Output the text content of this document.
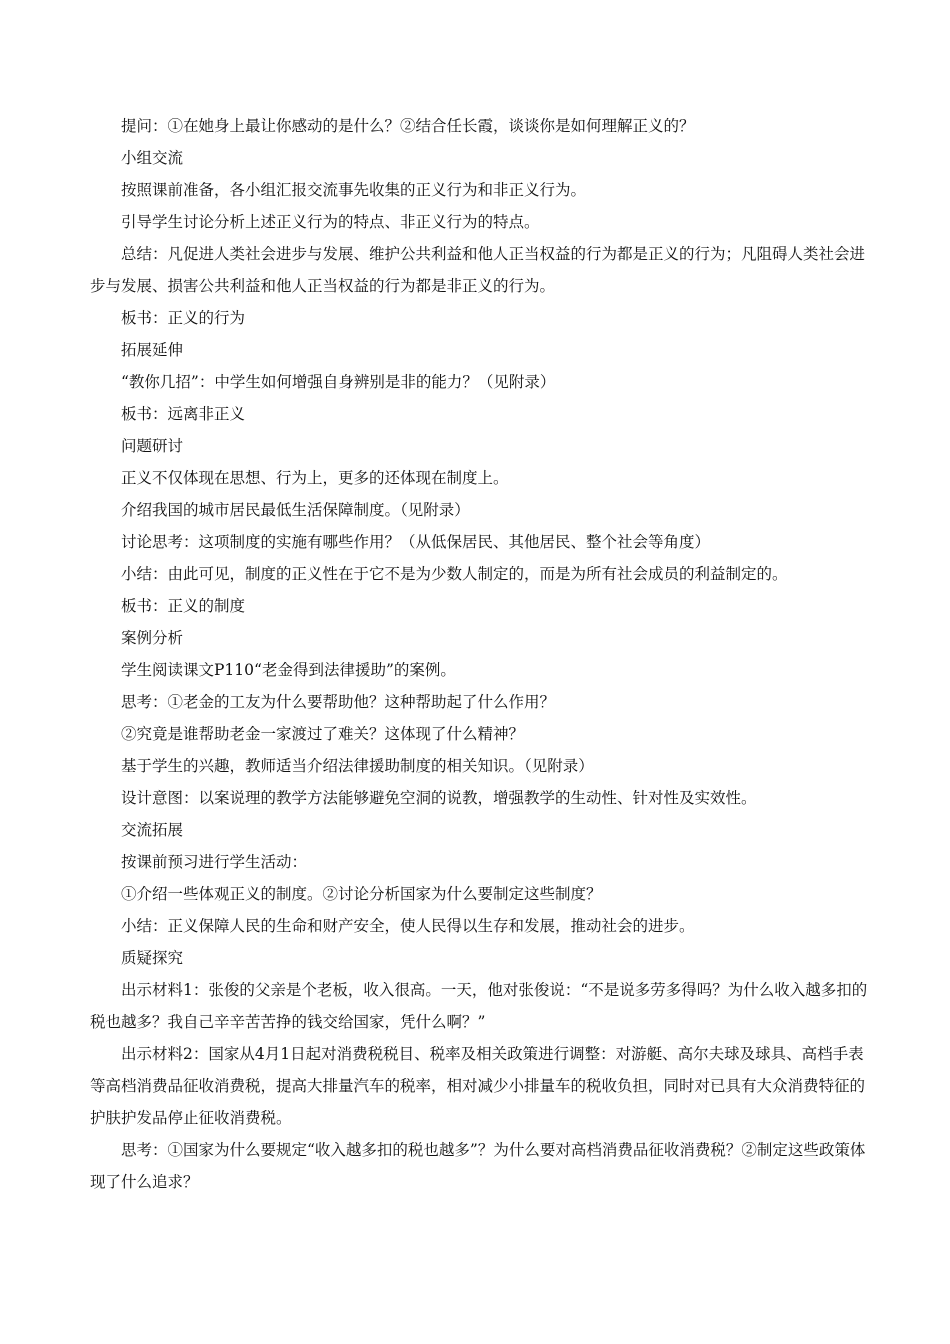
提问：①在她身上最让你感动的是什么？②结合任长霞，谈谈你是如何理解正义的？

小组交流

按照课前准备，各小组汇报交流事先收集的正义行为和非正义行为。

引导学生讨论分析上述正义行为的特点、非正义行为的特点。

总结：凡促进人类社会进步与发展、维护公共利益和他人正当权益的行为都是正义的行为；凡阻碍人类社会进步与发展、损害公共利益和他人正当权益的行为都是非正义的行为。

板书：正义的行为

拓展延伸

“教你几招”：中学生如何增强自身辨别是非的能力？（见附录）

板书：远离非正义

问题研讨

正义不仅体现在思想、行为上，更多的还体现在制度上。

介绍我国的城市居民最低生活保障制度。（见附录）

讨论思考：这项制度的实施有哪些作用？（从低保居民、其他居民、整个社会等角度）

小结：由此可见，制度的正义性在于它不是为少数人制定的，而是为所有社会成员的利益制定的。

板书：正义的制度

案例分析

学生阅读课文P110“老金得到法律援助”的案例。

思考：①老金的工友为什么要帮助他？这种帮助起了什么作用？

②究竟是谁帮助老金一家渡过了难关？这体现了什么精神？

基于学生的兴趣，教师适当介绍法律援助制度的相关知识。（见附录）

设计意图：以案说理的教学方法能够避免空洞的说教，增强教学的生动性、针对性及实效性。

交流拓展

按课前预习进行学生活动：

①介绍一些体观正义的制度。②讨论分析国家为什么要制定这些制度？

小结：正义保障人民的生命和财产安全，使人民得以生存和发展，推动社会的进步。

质疑探究

出示材料1：张俊的父亲是个老板，收入很高。一天，他对张俊说：“不是说多劳多得吗？为什么收入越多扣的税也越多？我自己辛辛苦苦挣的钱交给国家，凭什么啊？”

出示材料2：国家从4月1日起对消费税税目、税率及相关政策进行调整：对游艇、高尔夫球及球具、高档手表等高档消费品征收消费税，提高大排量汽车的税率，相对减少小排量车的税收负担，同时对已具有大众消费特征的护肤护发品停止征收消费税。

思考：①国家为什么要规定“收入越多扣的税也越多”？为什么要对高档消费品征收消费税？②制定这些政策体现了什么追求？
